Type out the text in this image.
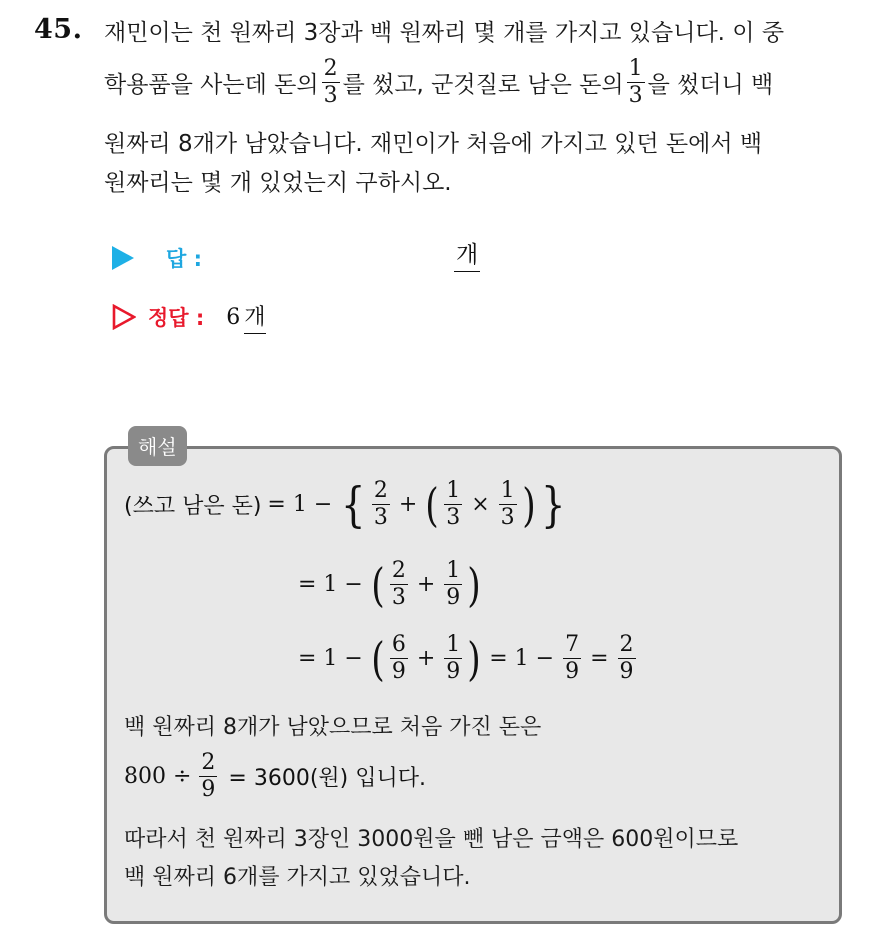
45. 재민이는 천 원짜리 3장과 백 원짜리 몇 개를 가지고 있습니다. 이 중
학용품을 사는데 돈의 $\frac{2}{3}$ 를 썼고, 군것질로 남은 돈의 $\frac{1}{3}$ 을 썼더니 백
원짜리 8개가 남았습니다. 재민이가 처음에 가지고 있던 돈에서 백
원짜리는 몇 개 있었는지 구하시오.
답 :	개
정답 : 6 개
해설
(쓰고 남은 돈) = 1 − { $\frac{2}{3}$ + ( $\frac{1}{3} \times \frac{1}{3}$ ) }
= 1 − ( $\frac{2}{3} + \frac{1}{9}$ )
= 1 − ( $\frac{6}{9} + \frac{1}{9}$ ) = $1 - \frac{7}{9} = \frac{2}{9}$
백 원짜리 8개가 남았으므로 처음 가진 돈은
$800 \div \frac{2}{9} = 3600$(원) 입니다.
따라서 천 원짜리 3장인 3000원을 뺀 남은 금액은 600원이므로
백 원짜리 6개를 가지고 있었습니다.
